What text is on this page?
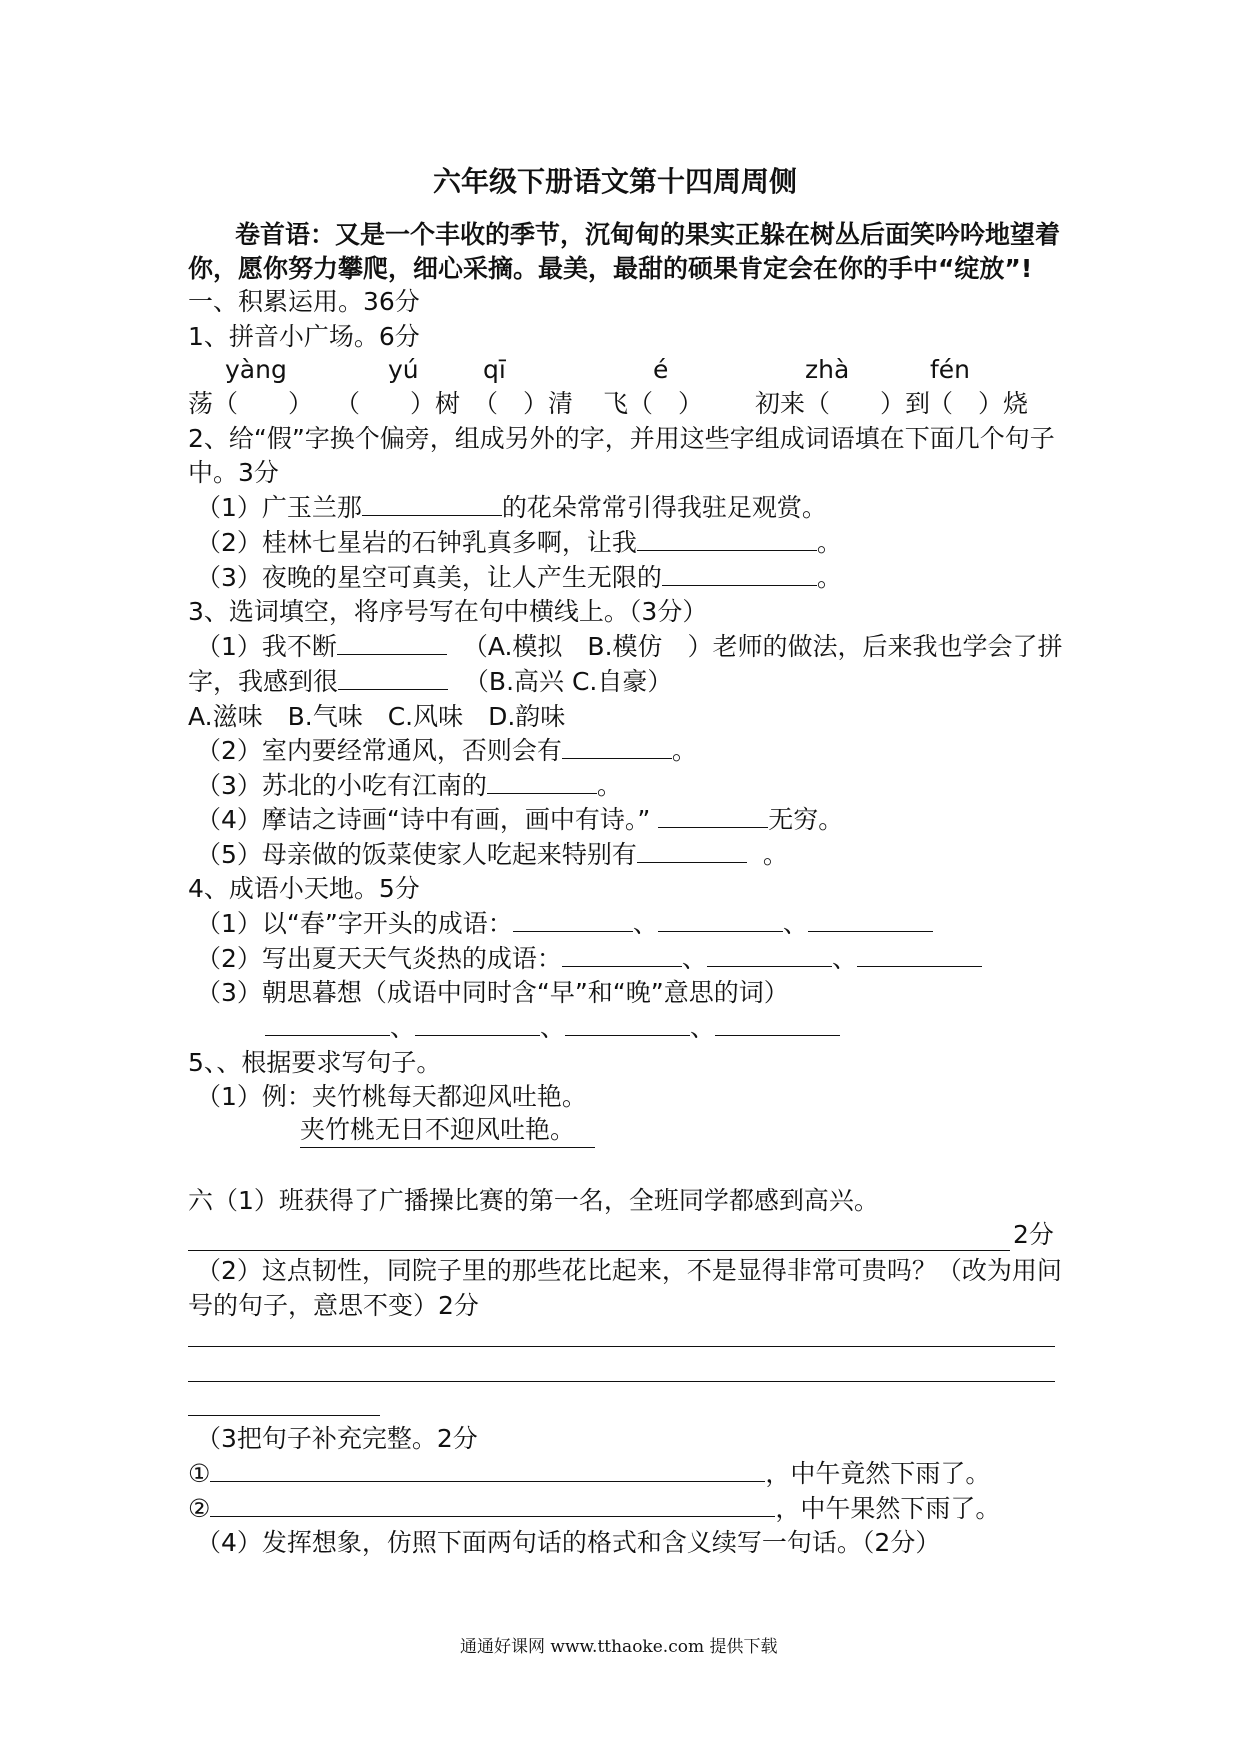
六年级下册语文第十四周周侧
卷首语：又是一个丰收的季节，沉甸甸的果实正躲在树丛后面笑吟吟地望着
你，愿你努力攀爬，细心采摘。最美，最甜的硕果肯定会在你的手中“绽放”!
一、积累运用。36分
1、拼音小广场。6分
yàng	yú	qī	é	zhà	fén
荡（　　） （　　）树 （　）清 飞（　） 初来（　　）到
（　）烧
2、给“假”字换个偏旁，组成另外的字，并用这些字组成词语填在下面几个句子
中。3分
（1）广玉兰那	的花朵常常引得我驻足观赏。
（2）桂林七星岩的石钟乳真多啊，让我	。
（3）夜晚的星空可真美，让人产生无限的	。
3、选词填空，将序号写在句中横线上。（3分）
（1）我不断	（A.模拟　B.模仿　）老师的做法，后来我也学会了拼
字，我感到很	（B.高兴 C.自豪）
A.滋味　B.气味　C.风味　D.韵味
（2）室内要经常通风，否则会有	。
（3）苏北的小吃有江南的	。
（4）摩诘之诗画“诗中有画，画中有诗。”	无穷。
（5）母亲做的饭菜使家人吃起来特别有	。
4、成语小天地。5分
（1）以“春”字开头的成语：	、	、
（2）写出夏天天气炎热的成语：	、	、
（3）朝思暮想（成语中同时含“早”和“晚”意思的词）
、	、	、
5、、根据要求写句子。
（1）例：夹竹桃每天都迎风吐艳。
夹竹桃无日不迎风吐艳。
六（1）班获得了广播操比赛的第一名，全班同学都感到高兴。
2分
（2）这点韧性，同院子里的那些花比起来，不是显得非常可贵吗？（改为用问
号的句子，意思不变）2分
（3把句子补充完整。2分
①	，中午竟然下雨了。
②	，中午果然下雨了。
（4）发挥想象，仿照下面两句话的格式和含义续写一句话。（2分）
通通好课网 www.tthaoke.com 提供下载
